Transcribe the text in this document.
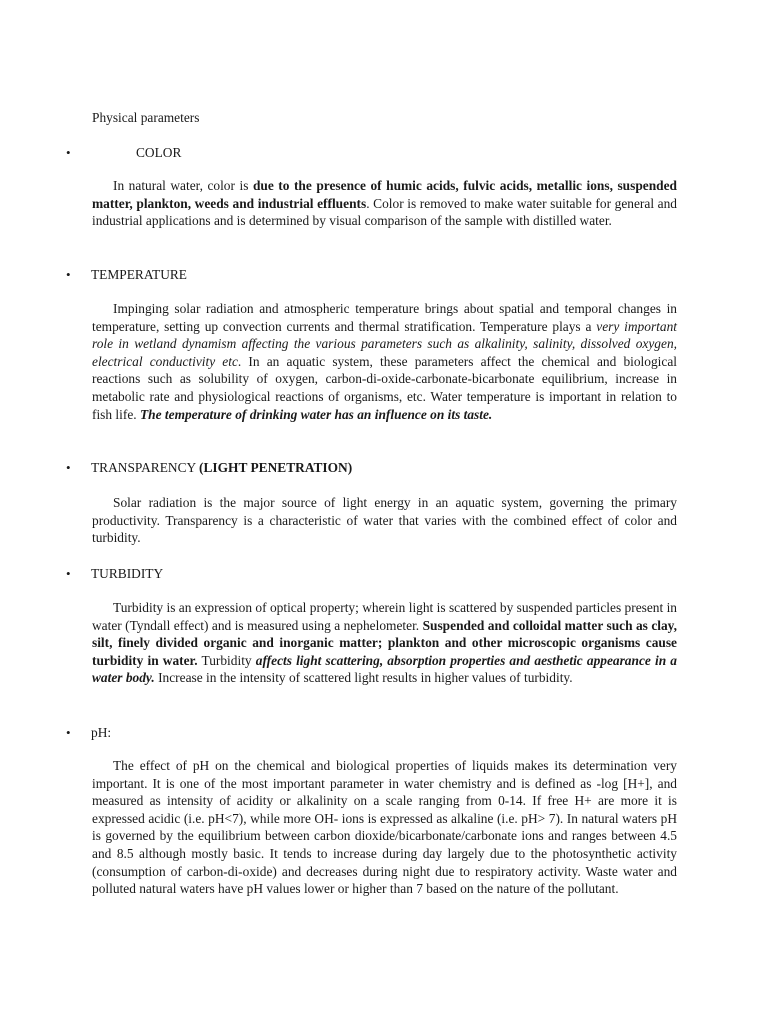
Physical parameters
•	COLOR

In natural water, color is due to the presence of humic acids, fulvic acids, metallic ions, suspended matter, plankton, weeds and industrial effluents. Color is removed to make water suitable for general and industrial applications and is determined by visual comparison of the sample with distilled water.

•	TEMPERATURE

Impinging solar radiation and atmospheric temperature brings about spatial and temporal changes in temperature, setting up convection currents and thermal stratification. Temperature plays a very important role in wetland dynamism affecting the various parameters such as alkalinity, salinity, dissolved oxygen, electrical conductivity etc. In an aquatic system, these parameters affect the chemical and biological reactions such as solubility of oxygen, carbon-di-oxide-carbonate-bicarbonate equilibrium, increase in metabolic rate and physiological reactions of organisms, etc. Water temperature is important in relation to fish life. The temperature of drinking water has an influence on its taste.

•	TRANSPARENCY (LIGHT PENETRATION)

Solar radiation is the major source of light energy in an aquatic system, governing the primary productivity. Transparency is a characteristic of water that varies with the combined effect of color and turbidity.

•	TURBIDITY

Turbidity is an expression of optical property; wherein light is scattered by suspended particles present in water (Tyndall effect) and is measured using a nephelometer. Suspended and colloidal matter such as clay, silt, finely divided organic and inorganic matter; plankton and other microscopic organisms cause turbidity in water. Turbidity affects light scattering, absorption properties and aesthetic appearance in a water body. Increase in the intensity of scattered light results in higher values of turbidity.

•	pH:

The effect of pH on the chemical and biological properties of liquids makes its determination very important. It is one of the most important parameter in water chemistry and is defined as -log [H+], and measured as intensity of acidity or alkalinity on a scale ranging from 0-14. If free H+ are more it is expressed acidic (i.e. pH<7), while more OH- ions is expressed as alkaline (i.e. pH> 7). In natural waters pH is governed by the equilibrium between carbon dioxide/bicarbonate/carbonate ions and ranges between 4.5 and 8.5 although mostly basic. It tends to increase during day largely due to the photosynthetic activity (consumption of carbon-di-oxide) and decreases during night due to respiratory activity. Waste water and polluted natural waters have pH values lower or higher than 7 based on the nature of the pollutant.
